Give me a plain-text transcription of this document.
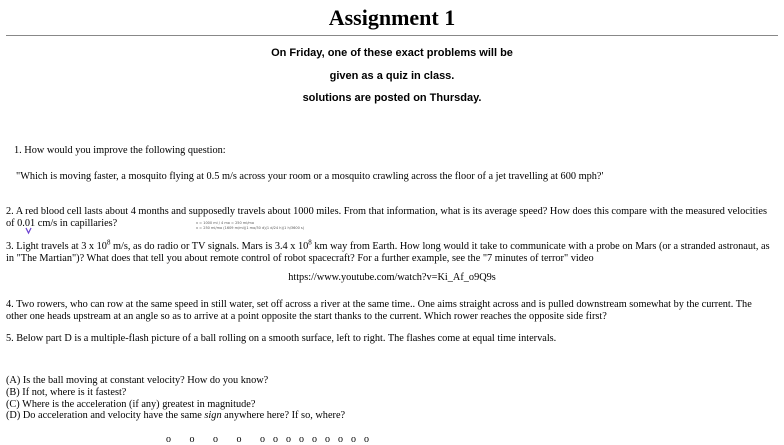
Assignment 1
On Friday, one of these exact problems will be
given as a quiz in class.
solutions are posted on Thursday.
1. How would you improve the following question:
"Which is moving faster, a mosquito flying at 0.5 m/s across your room or a mosquito crawling across the floor of a jet travelling at 600 mph?'
2. A red blood cell lasts about 4 months and supposedly travels about 1000 miles. From that information, what is its average speed? How does this compare with the measured velocities of 0.01 cm/s in capillaries?	v = 1000 mi / 4 mo = 250 mi/mo
v = 250 mi/mo (1609 m/mi)(1 mo/30 d)(1 d/24 h)(1 h/3600 s)
3. Light travels at 3 x $10^8$ m/s, as do radio or TV signals. Mars is 3.4 x $10^8$ km way from Earth. How long would it take to communicate with a probe on Mars (or a stranded astronaut, as in "The Martian")? What does that tell you about remote control of robot spacecraft? For a further example, see the "7 minutes of terror" video
https://www.youtube.com/watch?v=Ki_Af_o9Q9s
4. Two rowers, who can row at the same speed in still water, set off across a river at the same time.. One aims straight across and is pulled downstream somewhat by the current. The other one heads upstream at an angle so as to arrive at a point opposite the start thanks to the current. Which rower reaches the opposite side first?
5. Below part D is a multiple-flash picture of a ball rolling on a smooth surface, left to right. The flashes come at equal time intervals.
(A) Is the ball moving at constant velocity? How do you know?
(B) If not, where is it fastest?
(C) Where is the acceleration (if any) greatest in magnitude?
(D) Do acceleration and velocity have the same sign anywhere here? If so, where?
o     o     o     o     o  o  o  o  o  o  o  o  o
